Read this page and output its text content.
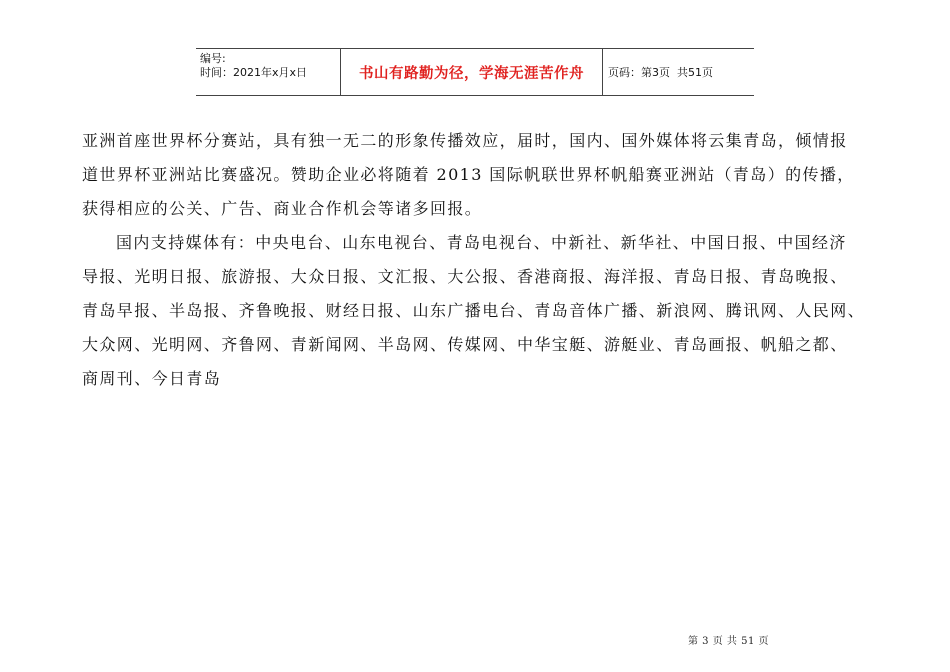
编号:
时间：2021年x月x日	书山有路勤为径，学海无涯苦作舟	页码：第3页  共51页

亚洲首座世界杯分赛站，具有独一无二的形象传播效应，届时，国内、国外媒体将云集青岛，倾情报
道世界杯亚洲站比赛盛况。赞助企业必将随着 2013 国际帆联世界杯帆船赛亚洲站（青岛）的传播，
获得相应的公关、广告、商业合作机会等诸多回报。

国内支持媒体有：中央电台、山东电视台、青岛电视台、中新社、新华社、中国日报、中国经济
导报、光明日报、旅游报、大众日报、文汇报、大公报、香港商报、海洋报、青岛日报、青岛晚报、
青岛早报、半岛报、齐鲁晚报、财经日报、山东广播电台、青岛音体广播、新浪网、腾讯网、人民网、
大众网、光明网、齐鲁网、青新闻网、半岛网、传媒网、中华宝艇、游艇业、青岛画报、帆船之都、
商周刊、今日青岛

第 3 页 共 51 页
